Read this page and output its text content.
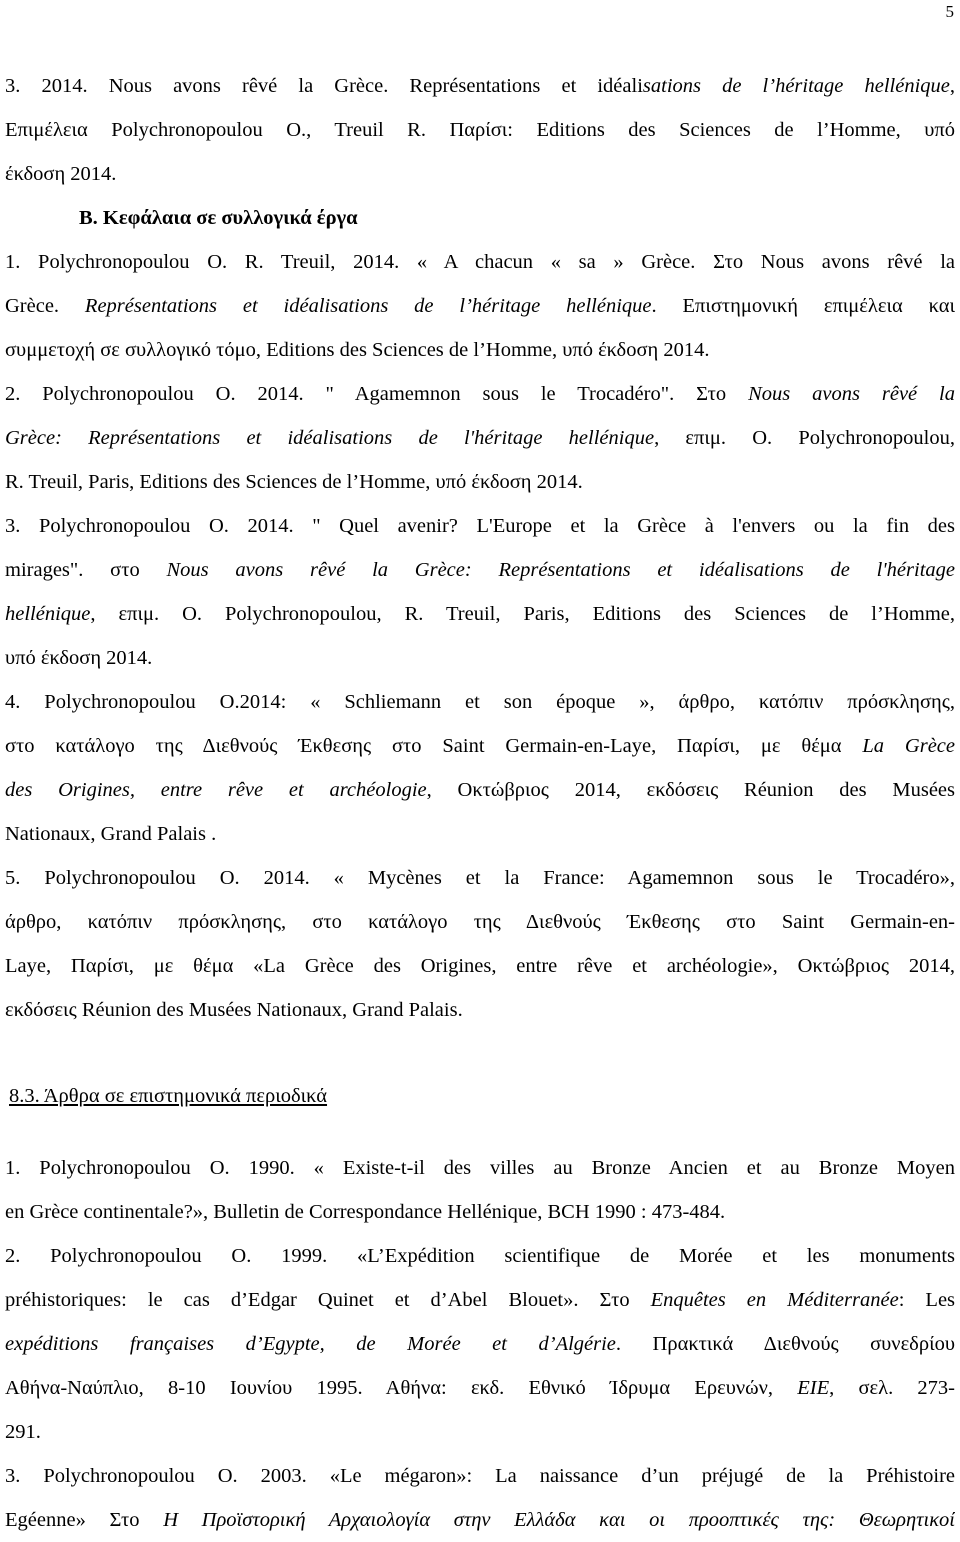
5
3. 2014. Nous avons rêvé la Grèce. Représentations et idéalisations de l’héritage hellénique,
Επιμέλεια Polychronopoulou O., Treuil R. Παρίσι: Editions des Sciences de l’Homme, υπό
έκδοση 2014.
B. Κεφάλαια σε συλλογικά έργα
1. Polychronopoulou O. R. Treuil, 2014. « A chacun « sa » Grèce. Στο Nous avons rêvé la
Grèce. Représentations et idéalisations de l’héritage hellénique. Επιστημονική επιμέλεια και
συμμετοχή σε συλλογικό τόμο, Editions des Sciences de l’Homme, υπό έκδοση 2014.
2. Polychronopoulou O. 2014. " Agamemnon sous le Trocadéro". Στο Nous avons rêvé la
Grèce: Représentations et idéalisations de l'héritage hellénique, επιμ. O. Polychronopoulou,
R. Treuil, Paris, Editions des Sciences de l’Homme, υπό έκδοση 2014.
3. Polychronopoulou O. 2014. " Quel avenir? L'Europe et la Grèce à l'envers ou la fin des
mirages". στο Nous avons rêvé la Grèce: Représentations et idéalisations de l'héritage
hellénique, επιμ. O. Polychronopoulou, R. Treuil, Paris, Editions des Sciences de l’Homme,
υπό έκδοση 2014.
4. Polychronopoulou O.2014: « Schliemann et son époque », άρθρο, κατόπιν πρόσκλησης,
στο κατάλογο της Διεθνούς Έκθεσης στο Saint Germain-en-Laye, Παρίσι, με θέμα La Grèce
des Origines, entre rêve et archéologie, Οκτώβριος 2014, εκδόσεις Réunion des Musées
Nationaux, Grand Palais .
5. Polychronopoulou O. 2014. « Mycènes et la France: Agamemnon sous le Trocadéro»,
άρθρο, κατόπιν πρόσκλησης, στο κατάλογο της Διεθνούς Έκθεσης στο Saint Germain-en-
Laye, Παρίσι, με θέμα «La Grèce des Origines, entre rêve et archéologie», Οκτώβριος 2014,
εκδόσεις Réunion des Musées Nationaux, Grand Palais.
8.3. Άρθρα σε επιστημονικά περιοδικά
1. Polychronopoulou O. 1990. « Existe-t-il des villes au Bronze Ancien et au Bronze Moyen
en Grèce continentale?», Bulletin de Correspondance Hellénique, BCH 1990 : 473-484.
2. Polychronopoulou O. 1999. «L’Expédition scientifique de Morée et les monuments
préhistoriques: le cas d’Edgar Quinet et d’Abel Blouet». Στο Enquêtes en Méditerranée: Les
expéditions françaises d’Egypte, de Morée et d’Algérie. Πρακτικά Διεθνούς συνεδρίου
Αθήνα-Ναύπλιο, 8-10 Ιουνίου 1995. Αθήνα: εκδ. Εθνικό Ίδρυμα Ερευνών, ΕΙΕ, σελ. 273-
291.
3. Polychronopoulou O. 2003. «Le mégaron»: La naissance d’un préjugé de la Préhistoire
Egéenne» Στο Η Προϊστορική Αρχαιολογία στην Ελλάδα και οι προοπτικές της: Θεωρητικοί
